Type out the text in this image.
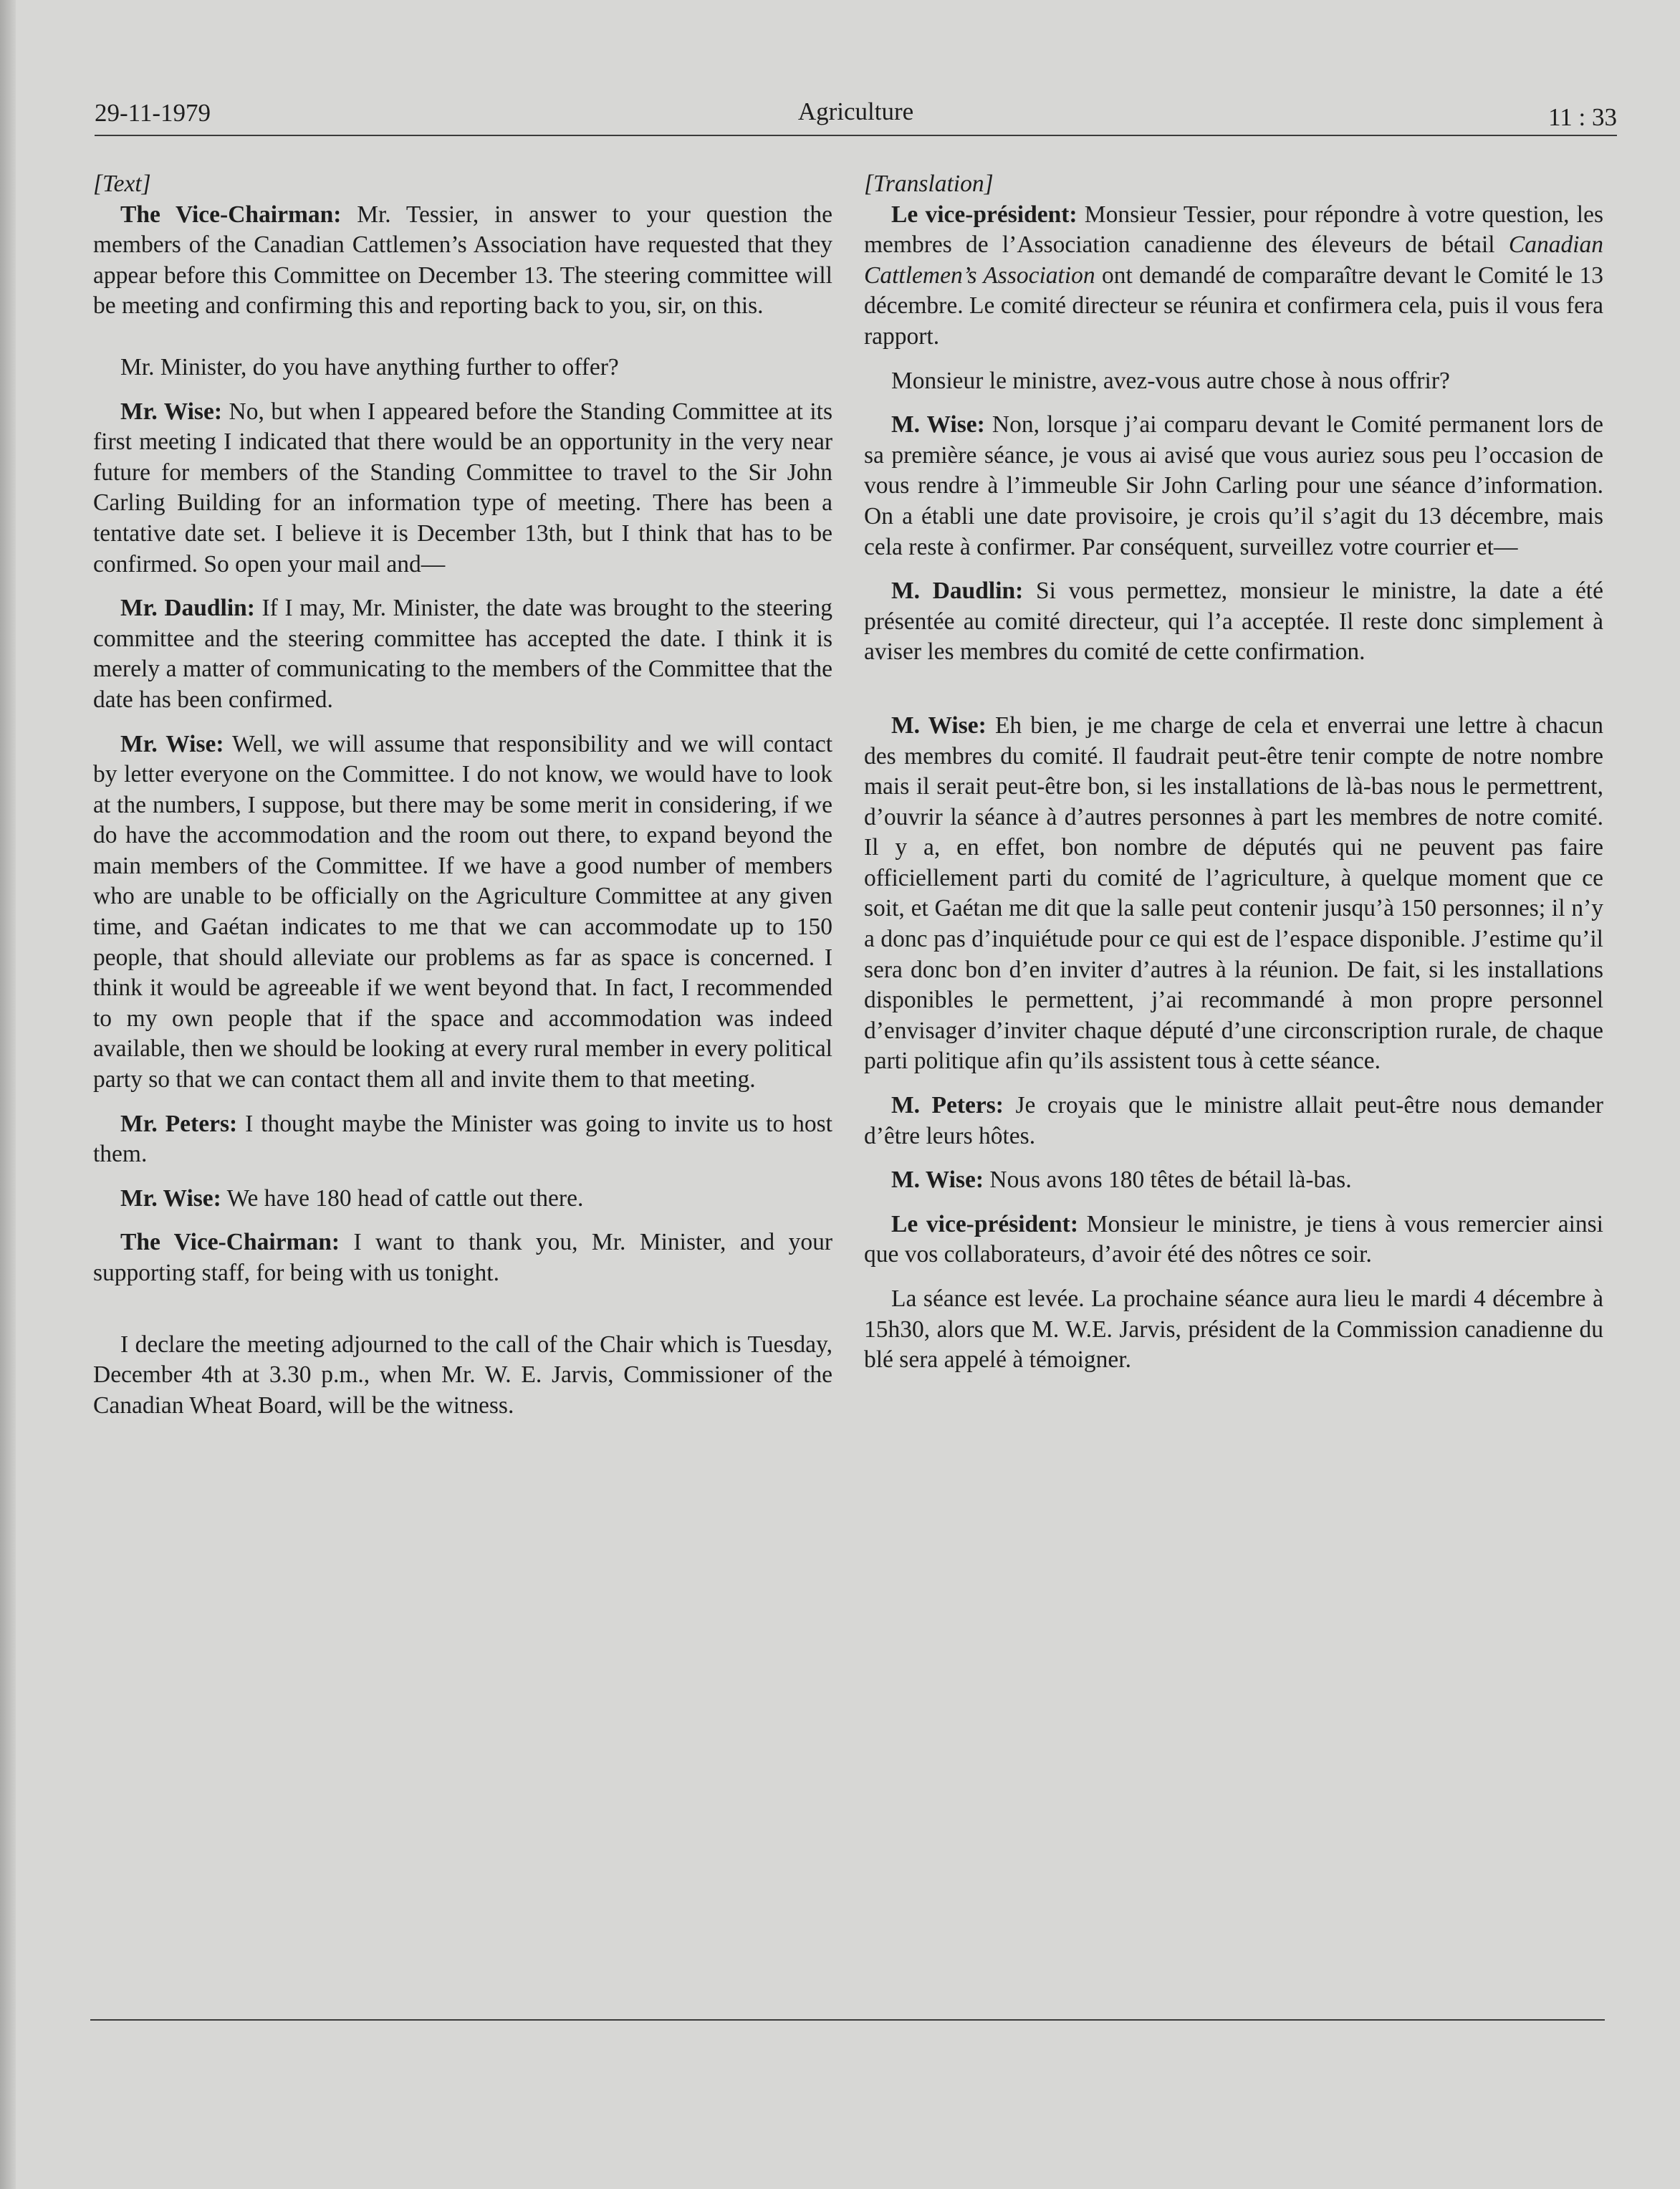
29-11-1979	Agriculture	11 : 33

[Text]

The Vice-Chairman: Mr. Tessier, in answer to your question the members of the Canadian Cattlemen’s Association have requested that they appear before this Committee on December 13. The steering committee will be meeting and confirming this and reporting back to you, sir, on this.

Mr. Minister, do you have anything further to offer?

Mr. Wise: No, but when I appeared before the Standing Committee at its first meeting I indicated that there would be an opportunity in the very near future for members of the Standing Committee to travel to the Sir John Carling Building for an information type of meeting. There has been a tentative date set. I believe it is December 13th, but I think that has to be confirmed. So open your mail and—

Mr. Daudlin: If I may, Mr. Minister, the date was brought to the steering committee and the steering committee has accepted the date. I think it is merely a matter of communicating to the members of the Committee that the date has been confirmed.

Mr. Wise: Well, we will assume that responsibility and we will contact by letter everyone on the Committee. I do not know, we would have to look at the numbers, I suppose, but there may be some merit in considering, if we do have the accommodation and the room out there, to expand beyond the main members of the Committee. If we have a good number of members who are unable to be officially on the Agriculture Committee at any given time, and Gaétan indicates to me that we can accommodate up to 150 people, that should alleviate our problems as far as space is concerned. I think it would be agreeable if we went beyond that. In fact, I recommended to my own people that if the space and accommodation was indeed available, then we should be looking at every rural member in every political party so that we can contact them all and invite them to that meeting.

Mr. Peters: I thought maybe the Minister was going to invite us to host them.

Mr. Wise: We have 180 head of cattle out there.

The Vice-Chairman: I want to thank you, Mr. Minister, and your supporting staff, for being with us tonight.

I declare the meeting adjourned to the call of the Chair which is Tuesday, December 4th at 3.30 p.m., when Mr. W. E. Jarvis, Commissioner of the Canadian Wheat Board, will be the witness.

[Translation]

Le vice-président: Monsieur Tessier, pour répondre à votre question, les membres de l’Association canadienne des éleveurs de bétail Canadian Cattlemen’s Association ont demandé de comparaître devant le Comité le 13 décembre. Le comité directeur se réunira et confirmera cela, puis il vous fera rapport.

Monsieur le ministre, avez-vous autre chose à nous offrir?

M. Wise: Non, lorsque j’ai comparu devant le Comité permanent lors de sa première séance, je vous ai avisé que vous auriez sous peu l’occasion de vous rendre à l’immeuble Sir John Carling pour une séance d’information. On a établi une date provisoire, je crois qu’il s’agit du 13 décembre, mais cela reste à confirmer. Par conséquent, surveillez votre courrier et—

M. Daudlin: Si vous permettez, monsieur le ministre, la date a été présentée au comité directeur, qui l’a acceptée. Il reste donc simplement à aviser les membres du comité de cette confirmation.

M. Wise: Eh bien, je me charge de cela et enverrai une lettre à chacun des membres du comité. Il faudrait peut-être tenir compte de notre nombre mais il serait peut-être bon, si les installations de là-bas nous le permettrent, d’ouvrir la séance à d’autres personnes à part les membres de notre comité. Il y a, en effet, bon nombre de députés qui ne peuvent pas faire officiellement parti du comité de l’agriculture, à quelque moment que ce soit, et Gaétan me dit que la salle peut contenir jusqu’à 150 personnes; il n’y a donc pas d’inquiétude pour ce qui est de l’espace disponible. J’estime qu’il sera donc bon d’en inviter d’autres à la réunion. De fait, si les installations disponibles le permettent, j’ai recommandé à mon propre personnel d’envisager d’inviter chaque député d’une circonscription rurale, de chaque parti politique afin qu’ils assistent tous à cette séance.

M. Peters: Je croyais que le ministre allait peut-être nous demander d’être leurs hôtes.

M. Wise: Nous avons 180 têtes de bétail là-bas.

Le vice-président: Monsieur le ministre, je tiens à vous remercier ainsi que vos collaborateurs, d’avoir été des nôtres ce soir.

La séance est levée. La prochaine séance aura lieu le mardi 4 décembre à 15h30, alors que M. W.E. Jarvis, président de la Commission canadienne du blé sera appelé à témoigner.
